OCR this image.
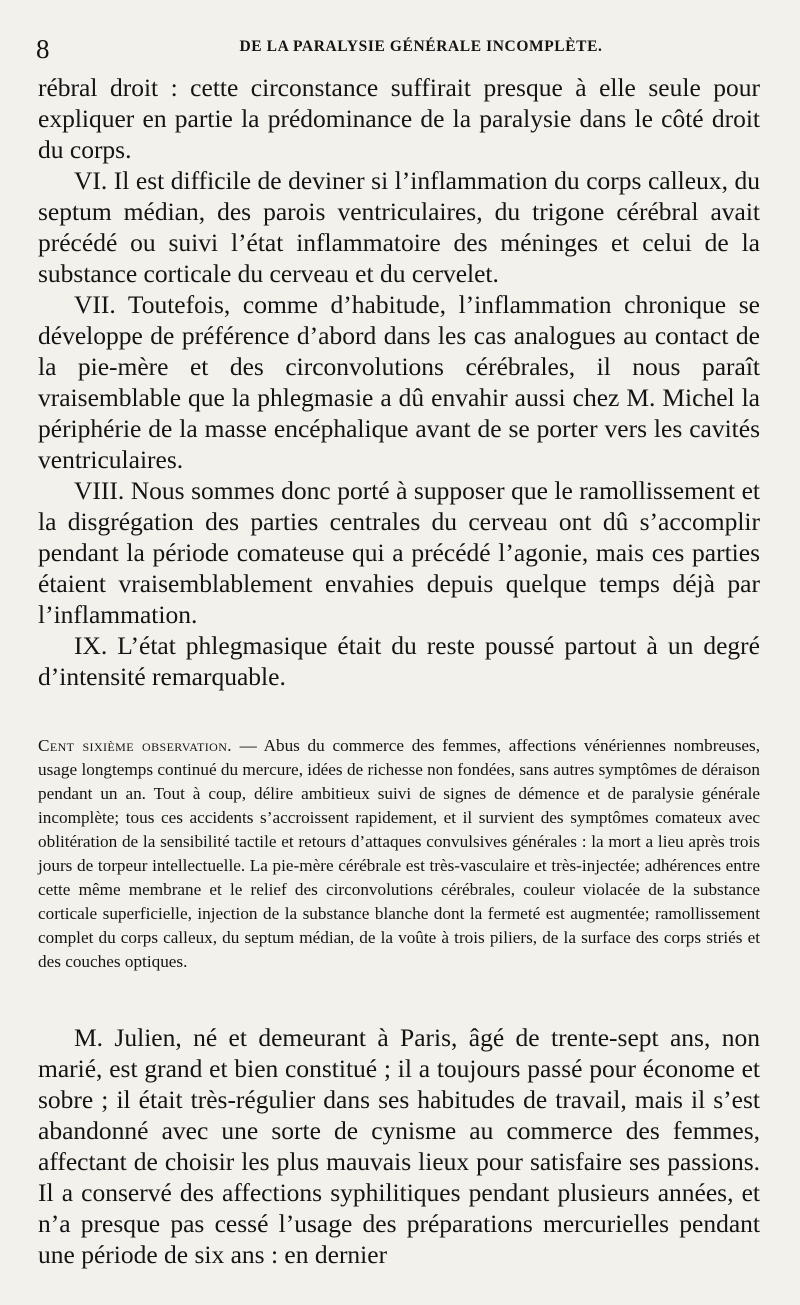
8	DE LA PARALYSIE GÉNÉRALE INCOMPLÈTE.

rébral droit : cette circonstance suffirait presque à elle seule pour expliquer en partie la prédominance de la paralysie dans le côté droit du corps.

VI. Il est difficile de deviner si l’inflammation du corps calleux, du septum médian, des parois ventriculaires, du trigone cérébral avait précédé ou suivi l’état inflammatoire des méninges et celui de la substance corticale du cerveau et du cervelet.

VII. Toutefois, comme d’habitude, l’inflammation chronique se développe de préférence d’abord dans les cas analogues au contact de la pie-mère et des circonvolutions cérébrales, il nous paraît vraisemblable que la phlegmasie a dû envahir aussi chez M. Michel la périphérie de la masse encéphalique avant de se porter vers les cavités ventriculaires.

VIII. Nous sommes donc porté à supposer que le ramollissement et la disgrégation des parties centrales du cerveau ont dû s’accomplir pendant la période comateuse qui a précédé l’agonie, mais ces parties étaient vraisemblablement envahies depuis quelque temps déjà par l’inflammation.

IX. L’état phlegmasique était du reste poussé partout à un degré d’intensité remarquable.

Cent sixième observation. — Abus du commerce des femmes, affections vénériennes nombreuses, usage longtemps continué du mercure, idées de richesse non fondées, sans autres symptômes de déraison pendant un an. Tout à coup, délire ambitieux suivi de signes de démence et de paralysie générale incomplète; tous ces accidents s’accroissent rapidement, et il survient des symptômes comateux avec oblitération de la sensibilité tactile et retours d’attaques convulsives générales : la mort a lieu après trois jours de torpeur intellectuelle. La pie-mère cérébrale est très-vasculaire et très-injectée; adhérences entre cette même membrane et le relief des circonvolutions cérébrales, couleur violacée de la substance corticale superficielle, injection de la substance blanche dont la fermeté est augmentée; ramollissement complet du corps calleux, du septum médian, de la voûte à trois piliers, de la surface des corps striés et des couches optiques.

M. Julien, né et demeurant à Paris, âgé de trente-sept ans, non marié, est grand et bien constitué ; il a toujours passé pour économe et sobre ; il était très-régulier dans ses habitudes de travail, mais il s’est abandonné avec une sorte de cynisme au commerce des femmes, affectant de choisir les plus mauvais lieux pour satisfaire ses passions. Il a conservé des affections syphilitiques pendant plusieurs années, et n’a presque pas cessé l’usage des préparations mercurielles pendant une période de six ans : en dernier
